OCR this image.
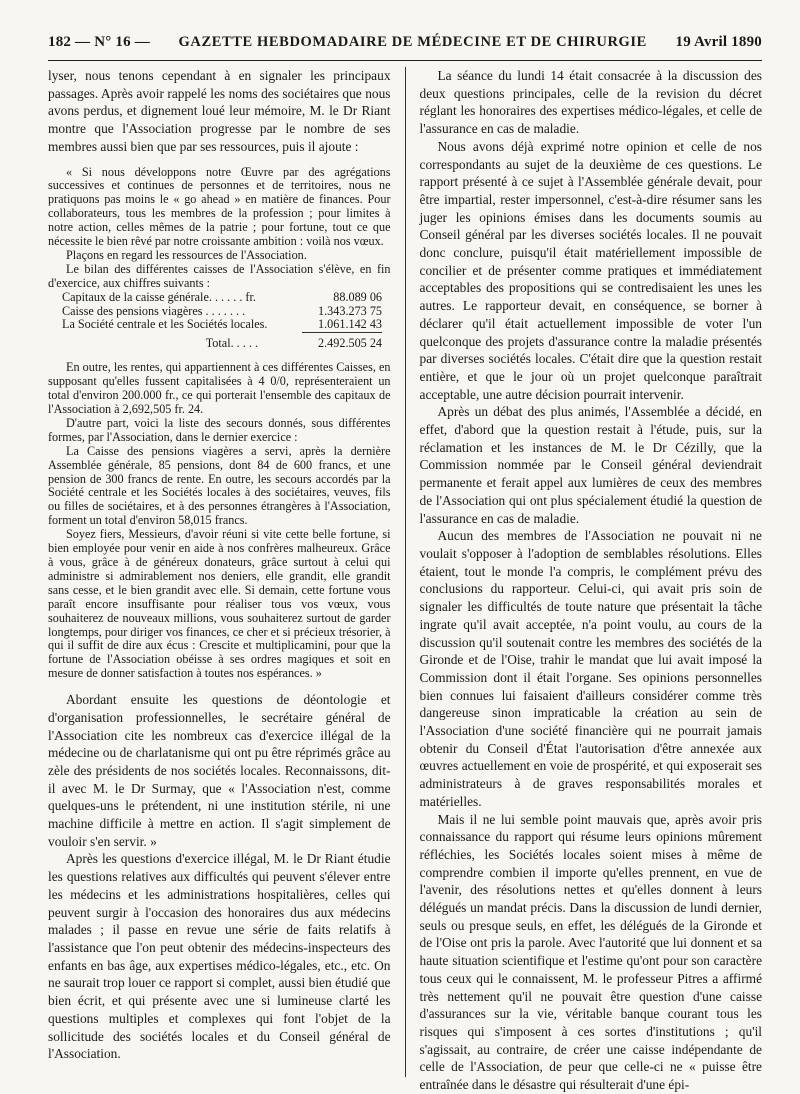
182 — N° 16 — GAZETTE HEBDOMADAIRE DE MÉDECINE ET DE CHIRURGIE 19 Avril 1890

lyser, nous tenons cependant à en signaler les principaux passages. Après avoir rappelé les noms des sociétaires que nous avons perdus, et dignement loué leur mémoire, M. le Dr Riant montre que l'Association progresse par le nombre de ses membres aussi bien que par ses ressources, puis il ajoute :

« Si nous développons notre Œuvre par des agrégations successives et continues de personnes et de territoires, nous ne pratiquons pas moins le « go ahead » en matière de finances. Pour collaborateurs, tous les membres de la profession ; pour limites à notre action, celles mêmes de la patrie ; pour fortune, tout ce que nécessite le bien rêvé par notre croissante ambition : voilà nos vœux.

Plaçons en regard les ressources de l'Association.

Le bilan des différentes caisses de l'Association s'élève, en fin d'exercice, aux chiffres suivants :

Capitaux de la caisse générale. . . . . . fr.	88.089 06
Caisse des pensions viagères . . . . . . .	1.343.273 75
La Société centrale et les Sociétés locales.	1.061.142 43
Total. . . . .	2.492.505 24

En outre, les rentes, qui appartiennent à ces différentes Caisses, en supposant qu'elles fussent capitalisées à 4 0/0, représenteraient un total d'environ 200.000 fr., ce qui porterait l'ensemble des capitaux de l'Association à 2,692,505 fr. 24.

D'autre part, voici la liste des secours donnés, sous différentes formes, par l'Association, dans le dernier exercice :

La Caisse des pensions viagères a servi, après la dernière Assemblée générale, 85 pensions, dont 84 de 600 francs, et une pension de 300 francs de rente. En outre, les secours accordés par la Société centrale et les Sociétés locales à des sociétaires, veuves, fils ou filles de sociétaires, et à des personnes étrangères à l'Association, forment un total d'environ 58,015 francs.

Soyez fiers, Messieurs, d'avoir réuni si vite cette belle fortune, si bien employée pour venir en aide à nos confrères malheureux. Grâce à vous, grâce à de généreux donateurs, grâce surtout à celui qui administre si admirablement nos deniers, elle grandit, elle grandit sans cesse, et le bien grandit avec elle. Si demain, cette fortune vous paraît encore insuffisante pour réaliser tous vos vœux, vous souhaiterez de nouveaux millions, vous souhaiterez surtout de garder longtemps, pour diriger vos finances, ce cher et si précieux trésorier, à qui il suffit de dire aux écus : Crescite et multiplicamini, pour que la fortune de l'Association obéisse à ses ordres magiques et soit en mesure de donner satisfaction à toutes nos espérances. »

Abordant ensuite les questions de déontologie et d'organisation professionnelles, le secrétaire général de l'Association cite les nombreux cas d'exercice illégal de la médecine ou de charlatanisme qui ont pu être réprimés grâce au zèle des présidents de nos sociétés locales. Reconnaissons, dit-il avec M. le Dr Surmay, que « l'Association n'est, comme quelques-uns le prétendent, ni une institution stérile, ni une machine difficile à mettre en action. Il s'agit simplement de vouloir s'en servir. »

Après les questions d'exercice illégal, M. le Dr Riant étudie les questions relatives aux difficultés qui peuvent s'élever entre les médecins et les administrations hospitalières, celles qui peuvent surgir à l'occasion des honoraires dus aux médecins malades ; il passe en revue une série de faits relatifs à l'assistance que l'on peut obtenir des médecins-inspecteurs des enfants en bas âge, aux expertises médico-légales, etc., etc. On ne saurait trop louer ce rapport si complet, aussi bien étudié que bien écrit, et qui présente avec une si lumineuse clarté les questions multiples et complexes qui font l'objet de la sollicitude des sociétés locales et du Conseil général de l'Association.

La séance du lundi 14 était consacrée à la discussion des deux questions principales, celle de la revision du décret réglant les honoraires des expertises médico-légales, et celle de l'assurance en cas de maladie.

Nous avons déjà exprimé notre opinion et celle de nos correspondants au sujet de la deuxième de ces questions. Le rapport présenté à ce sujet à l'Assemblée générale devait, pour être impartial, rester impersonnel, c'est-à-dire résumer sans les juger les opinions émises dans les documents soumis au Conseil général par les diverses sociétés locales. Il ne pouvait donc conclure, puisqu'il était matériellement impossible de concilier et de présenter comme pratiques et immédiatement acceptables des propositions qui se contredisaient les unes les autres. Le rapporteur devait, en conséquence, se borner à déclarer qu'il était actuellement impossible de voter l'un quelconque des projets d'assurance contre la maladie présentés par diverses sociétés locales. C'était dire que la question restait entière, et que le jour où un projet quelconque paraîtrait acceptable, une autre décision pourrait intervenir.

Après un débat des plus animés, l'Assemblée a décidé, en effet, d'abord que la question restait à l'étude, puis, sur la réclamation et les instances de M. le Dr Cézilly, que la Commission nommée par le Conseil général deviendrait permanente et ferait appel aux lumières de ceux des membres de l'Association qui ont plus spécialement étudié la question de l'assurance en cas de maladie.

Aucun des membres de l'Association ne pouvait ni ne voulait s'opposer à l'adoption de semblables résolutions. Elles étaient, tout le monde l'a compris, le complément prévu des conclusions du rapporteur. Celui-ci, qui avait pris soin de signaler les difficultés de toute nature que présentait la tâche ingrate qu'il avait acceptée, n'a point voulu, au cours de la discussion qu'il soutenait contre les membres des sociétés de la Gironde et de l'Oise, trahir le mandat que lui avait imposé la Commission dont il était l'organe. Ses opinions personnelles bien connues lui faisaient d'ailleurs considérer comme très dangereuse sinon impraticable la création au sein de l'Association d'une société financière qui ne pourrait jamais obtenir du Conseil d'État l'autorisation d'être annexée aux œuvres actuellement en voie de prospérité, et qui exposerait ses administrateurs à de graves responsabilités morales et matérielles.

Mais il ne lui semble point mauvais que, après avoir pris connaissance du rapport qui résume leurs opinions mûrement réfléchies, les Sociétés locales soient mises à même de comprendre combien il importe qu'elles prennent, en vue de l'avenir, des résolutions nettes et qu'elles donnent à leurs délégués un mandat précis. Dans la discussion de lundi dernier, seuls ou presque seuls, en effet, les délégués de la Gironde et de l'Oise ont pris la parole. Avec l'autorité que lui donnent et sa haute situation scientifique et l'estime qu'ont pour son caractère tous ceux qui le connaissent, M. le professeur Pitres a affirmé très nettement qu'il ne pouvait être question d'une caisse d'assurances sur la vie, véritable banque courant tous les risques qui s'imposent à ces sortes d'institutions ; qu'il s'agissait, au contraire, de créer une caisse indépendante de celle de l'Association, de peur que celle-ci ne « puisse être entraînée dans le désastre qui résulterait d'une épi-
